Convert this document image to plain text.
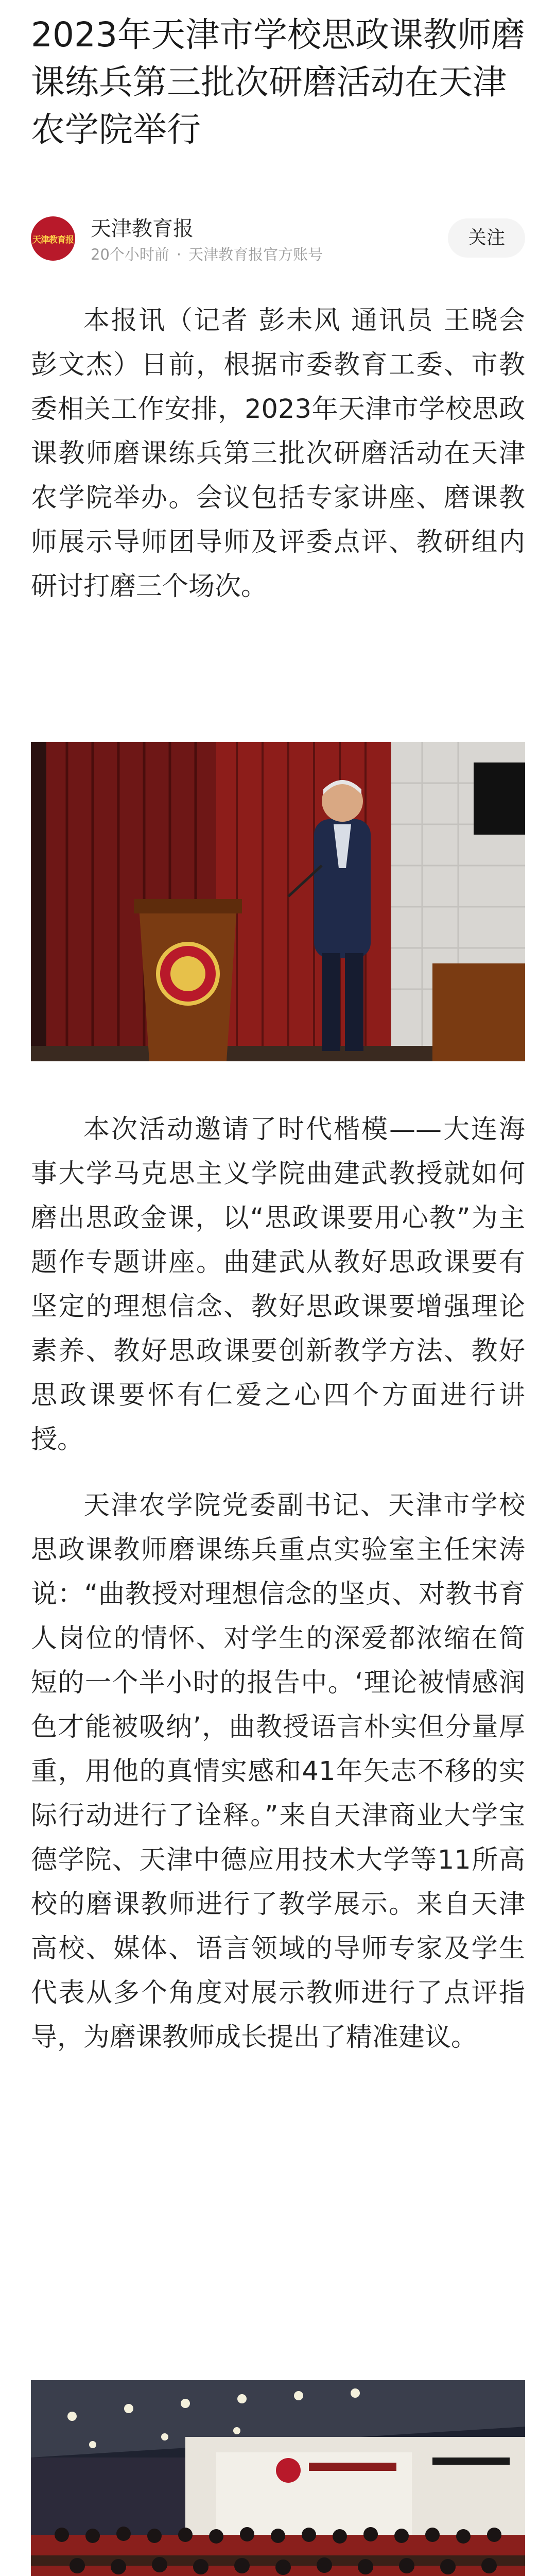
2023年天津市学校思政课教师磨课练兵第三批次研磨活动在天津农学院举行
天津教育报 天津教育报
20个小时前 · 天津教育报官方账号
关注

本报讯（记者 彭未风 通讯员 王晓会 彭文杰）日前，根据市委教育工委、市教委相关工作安排，2023年天津市学校思政课教师磨课练兵第三批次研磨活动在天津农学院举办。会议包括专家讲座、磨课教师展示导师团导师及评委点评、教研组内研讨打磨三个场次。

本次活动邀请了时代楷模——大连海事大学马克思主义学院曲建武教授就如何磨出思政金课，以“思政课要用心教”为主题作专题讲座。曲建武从教好思政课要有坚定的理想信念、教好思政课要增强理论素养、教好思政课要创新教学方法、教好思政课要怀有仁爱之心四个方面进行讲授。

天津农学院党委副书记、天津市学校思政课教师磨课练兵重点实验室主任宋涛说：“曲教授对理想信念的坚贞、对教书育人岗位的情怀、对学生的深爱都浓缩在简短的一个半小时的报告中。‘理论被情感润色才能被吸纳’，曲教授语言朴实但分量厚重，用他的真情实感和41年矢志不移的实际行动进行了诠释。”来自天津商业大学宝德学院、天津中德应用技术大学等11所高校的磨课教师进行了教学展示。来自天津高校、媒体、语言领域的导师专家及学生代表从多个角度对展示教师进行了点评指导，为磨课教师成长提出了精准建议。
